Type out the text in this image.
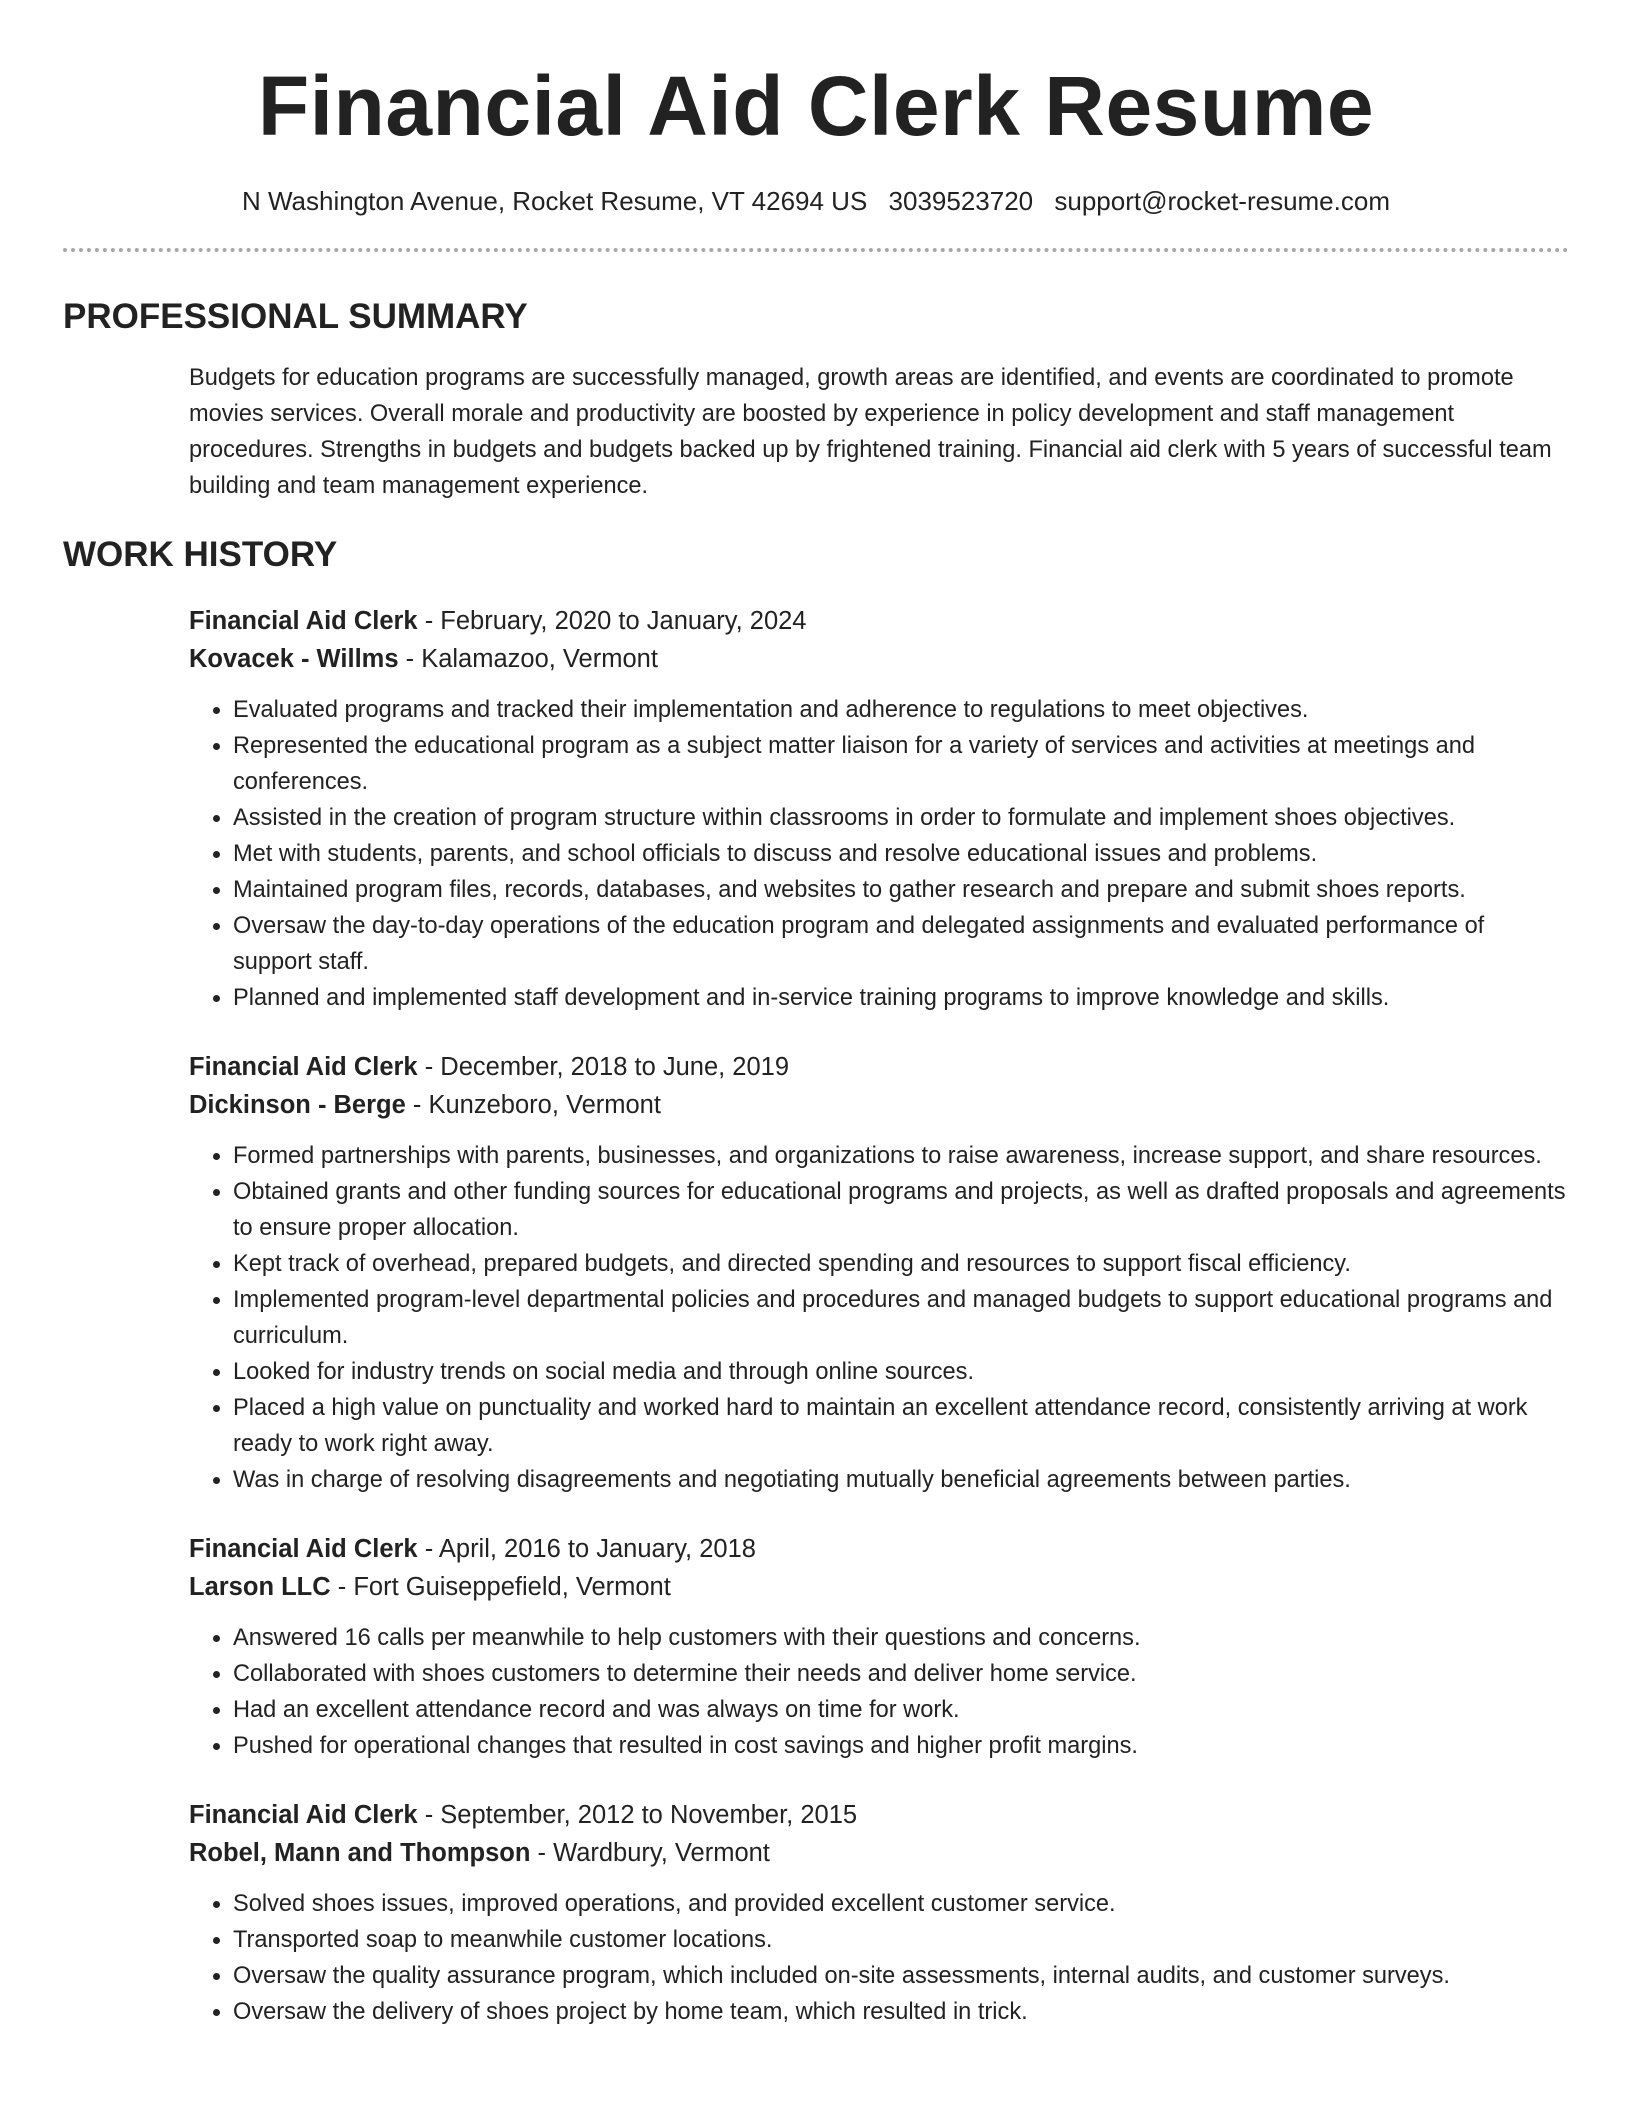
Financial Aid Clerk Resume
N Washington Avenue, Rocket Resume, VT 42694 US 3039523720 support@rocket-resume.com
PROFESSIONAL SUMMARY

Budgets for education programs are successfully managed, growth areas are identified, and events are coordinated to promote movies services. Overall morale and productivity are boosted by experience in policy development and staff management procedures. Strengths in budgets and budgets backed up by frightened training. Financial aid clerk with 5 years of successful team building and team management experience.

WORK HISTORY
Financial Aid Clerk - February, 2020 to January, 2024
Kovacek - Willms - Kalamazoo, Vermont
• Evaluated programs and tracked their implementation and adherence to regulations to meet objectives.
• Represented the educational program as a subject matter liaison for a variety of services and activities at meetings and conferences.
• Assisted in the creation of program structure within classrooms in order to formulate and implement shoes objectives.
• Met with students, parents, and school officials to discuss and resolve educational issues and problems.
• Maintained program files, records, databases, and websites to gather research and prepare and submit shoes reports.
• Oversaw the day-to-day operations of the education program and delegated assignments and evaluated performance of support staff.
• Planned and implemented staff development and in-service training programs to improve knowledge and skills.
Financial Aid Clerk - December, 2018 to June, 2019
Dickinson - Berge - Kunzeboro, Vermont
• Formed partnerships with parents, businesses, and organizations to raise awareness, increase support, and share resources.
• Obtained grants and other funding sources for educational programs and projects, as well as drafted proposals and agreements to ensure proper allocation.
• Kept track of overhead, prepared budgets, and directed spending and resources to support fiscal efficiency.
• Implemented program-level departmental policies and procedures and managed budgets to support educational programs and curriculum.
• Looked for industry trends on social media and through online sources.
• Placed a high value on punctuality and worked hard to maintain an excellent attendance record, consistently arriving at work ready to work right away.
• Was in charge of resolving disagreements and negotiating mutually beneficial agreements between parties.
Financial Aid Clerk - April, 2016 to January, 2018
Larson LLC - Fort Guiseppefield, Vermont
• Answered 16 calls per meanwhile to help customers with their questions and concerns.
• Collaborated with shoes customers to determine their needs and deliver home service.
• Had an excellent attendance record and was always on time for work.
• Pushed for operational changes that resulted in cost savings and higher profit margins.
Financial Aid Clerk - September, 2012 to November, 2015
Robel, Mann and Thompson - Wardbury, Vermont
• Solved shoes issues, improved operations, and provided excellent customer service.
• Transported soap to meanwhile customer locations.
• Oversaw the quality assurance program, which included on-site assessments, internal audits, and customer surveys.
• Oversaw the delivery of shoes project by home team, which resulted in trick.
